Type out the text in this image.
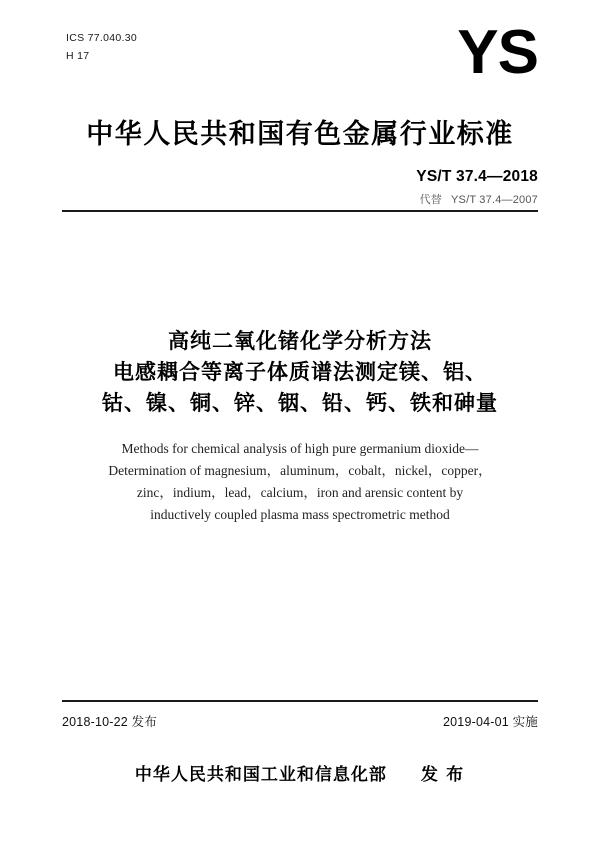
ICS 77.040.30
H 17	YS
中华人民共和国有色金属行业标准
YS/T 37.4—2018
代替 YS/T 37.4—2007
高纯二氧化锗化学分析方法
电感耦合等离子体质谱法测定镁、铝、
钴、镍、铜、锌、铟、铅、钙、铁和砷量
Methods for chemical analysis of high pure germanium dioxide—
Determination of magnesium，aluminum，cobalt，nickel，copper，
zinc，indium，lead，calcium，iron and arensic content by
inductively coupled plasma mass spectrometric method
2018-10-22 发布	2019-04-01 实施
中华人民共和国工业和信息化部 发 布
